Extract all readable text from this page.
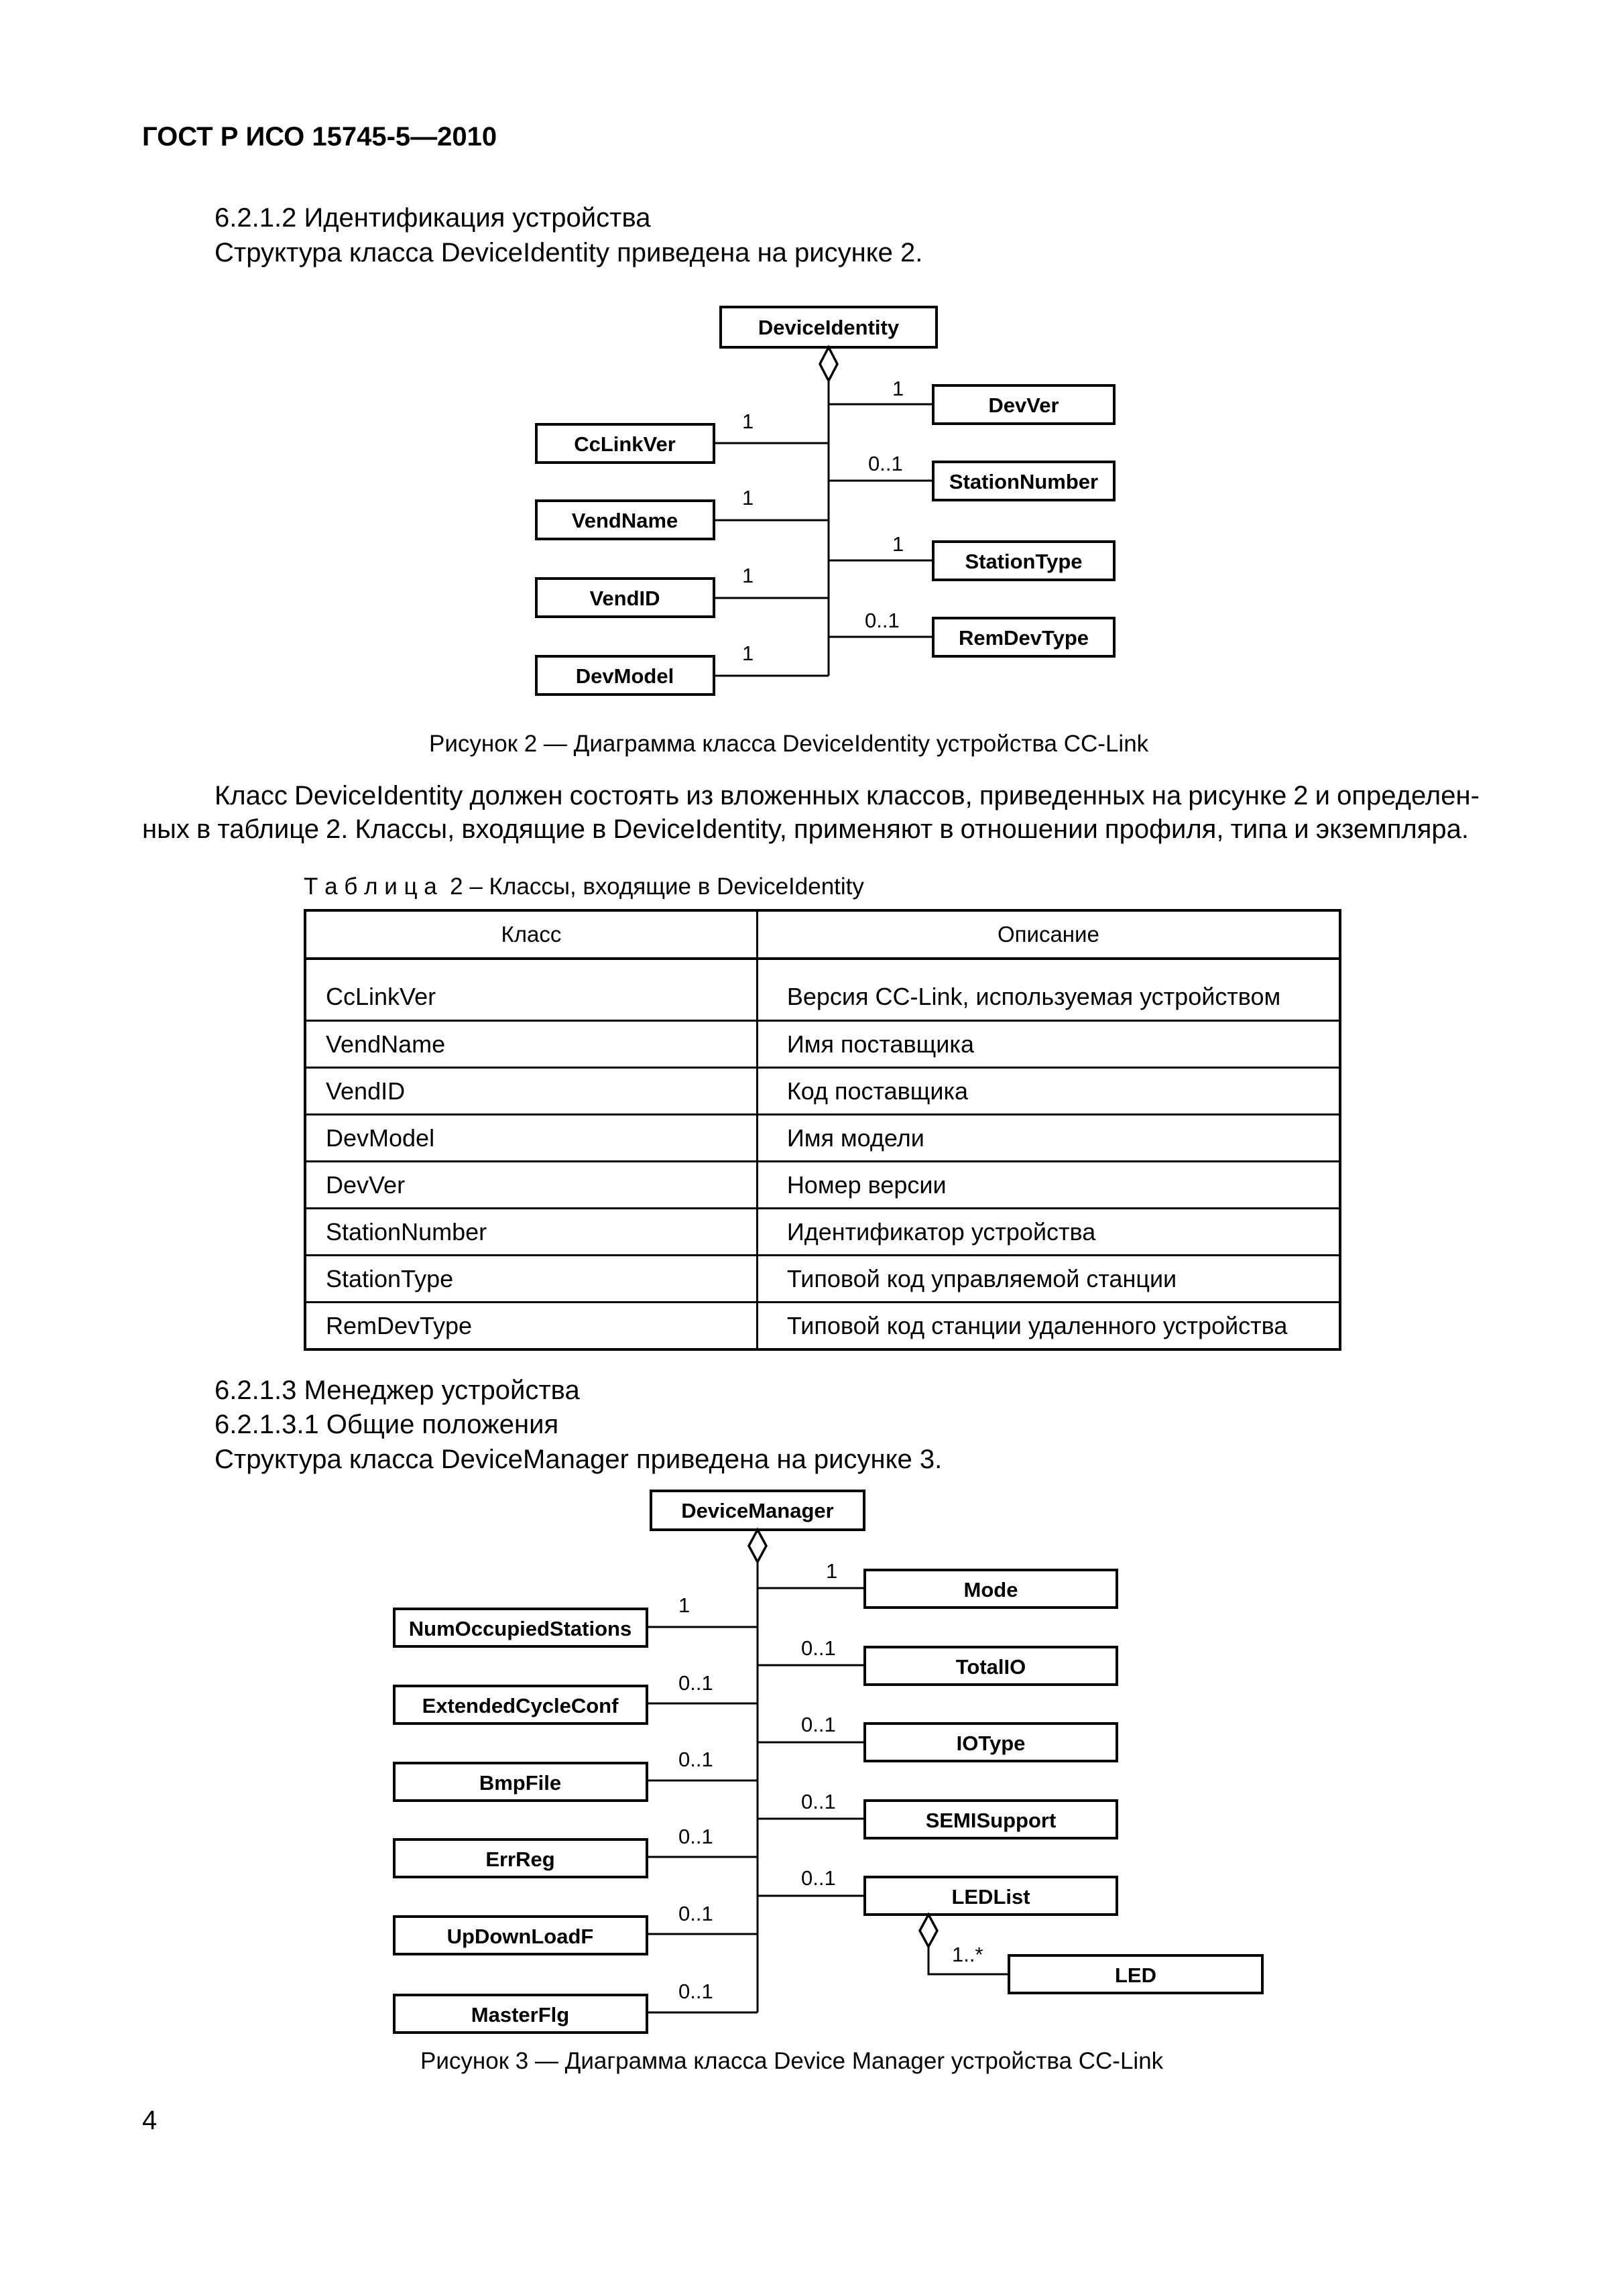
ГОСТ Р ИСО 15745-5—2010
6.2.1.2 Идентификация устройства
Структура класса DeviceIdentity приведена на рисунке 2.
DeviceIdentity
CcLinkVer
VendName
VendID
DevModel
DevVer
StationNumber
StationType
RemDevType
1
1
1
1
1
0..1
1
0..1
Рисунок 2 — Диаграмма класса DeviceIdentity устройства CC-Link
Класс DeviceIdentity должен состоять из вложенных классов, приведенных на рисунке 2 и определен-
ных в таблице 2. Классы, входящие в DeviceIdentity, применяют в отношении профиля, типа и экземпляра.
Т а б л и ц а  2 – Классы, входящие в DeviceIdentity
Класс	Описание
CcLinkVer	Версия CC-Link, используемая устройством
VendName	Имя поставщика
VendID	Код поставщика
DevModel	Имя модели
DevVer	Номер версии
StationNumber	Идентификатор устройства
StationType	Типовой код управляемой станции
RemDevType	Типовой код станции удаленного устройства
6.2.1.3 Менеджер устройства
6.2.1.3.1 Общие положения
Структура класса DeviceManager приведена на рисунке 3.
DeviceManager
NumOccupiedStations
ExtendedCycleConf
BmpFile
ErrReg
UpDownLoadF
MasterFlg
Mode
TotalIO
IOType
SEMISupport
LEDList
LED
1..*
1
0..1
0..1
0..1
0..1
0..1
1
0..1
0..1
0..1
0..1
Рисунок 3 — Диаграмма класса Device Manager устройства CC-Link
4
